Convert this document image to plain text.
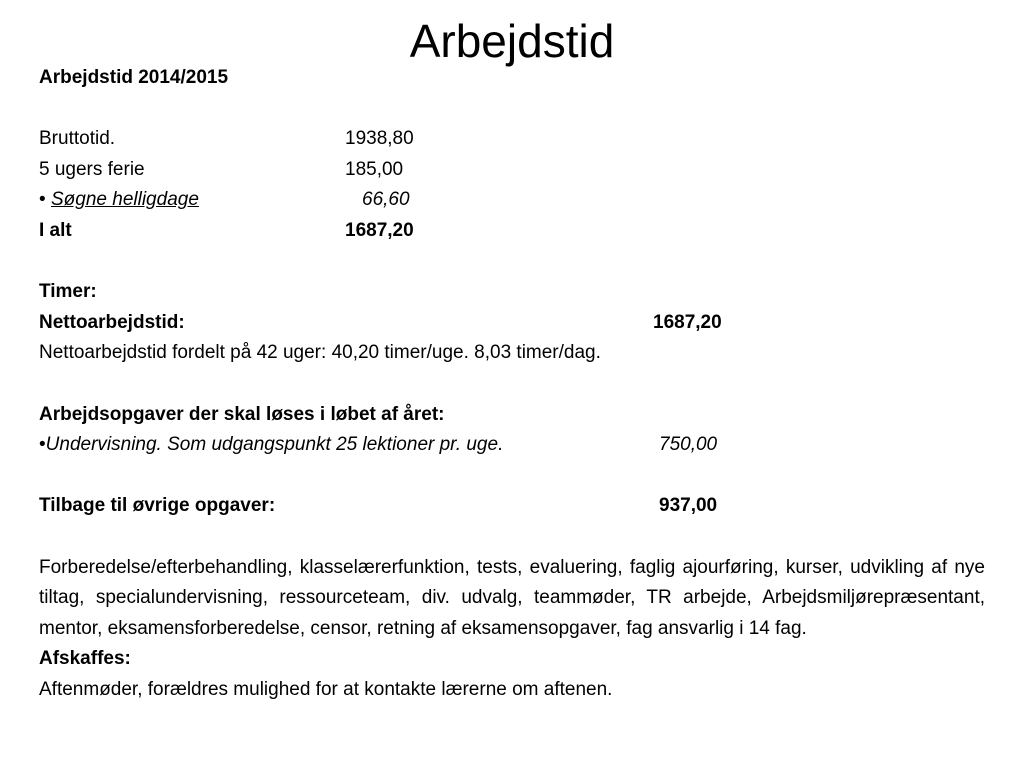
Arbejdstid
Arbejdstid 2014/2015
Bruttotid.	1938,80
5 ugers ferie	185,00
• Søgne helligdage	66,60
I alt	1687,20
Timer:
Nettoarbejdstid:	1687,20
Nettoarbejdstid fordelt på 42 uger: 40,20 timer/uge. 8,03 timer/dag.
Arbejdsopgaver der skal løses i løbet af året:
•Undervisning. Som udgangspunkt 25 lektioner pr. uge.	750,00
Tilbage til øvrige opgaver:	937,00
Forberedelse/efterbehandling, klasselærerfunktion, tests, evaluering, faglig ajourføring, kurser, udvikling af nye tiltag, specialundervisning, ressourceteam, div. udvalg, teammøder, TR arbejde, Arbejdsmiljørepræsentant, mentor, eksamensforberedelse, censor, retning af eksamensopgaver, fag ansvarlig i 14 fag.
Afskaffes:
Aftenmøder, forældres mulighed for at kontakte lærerne om aftenen.
